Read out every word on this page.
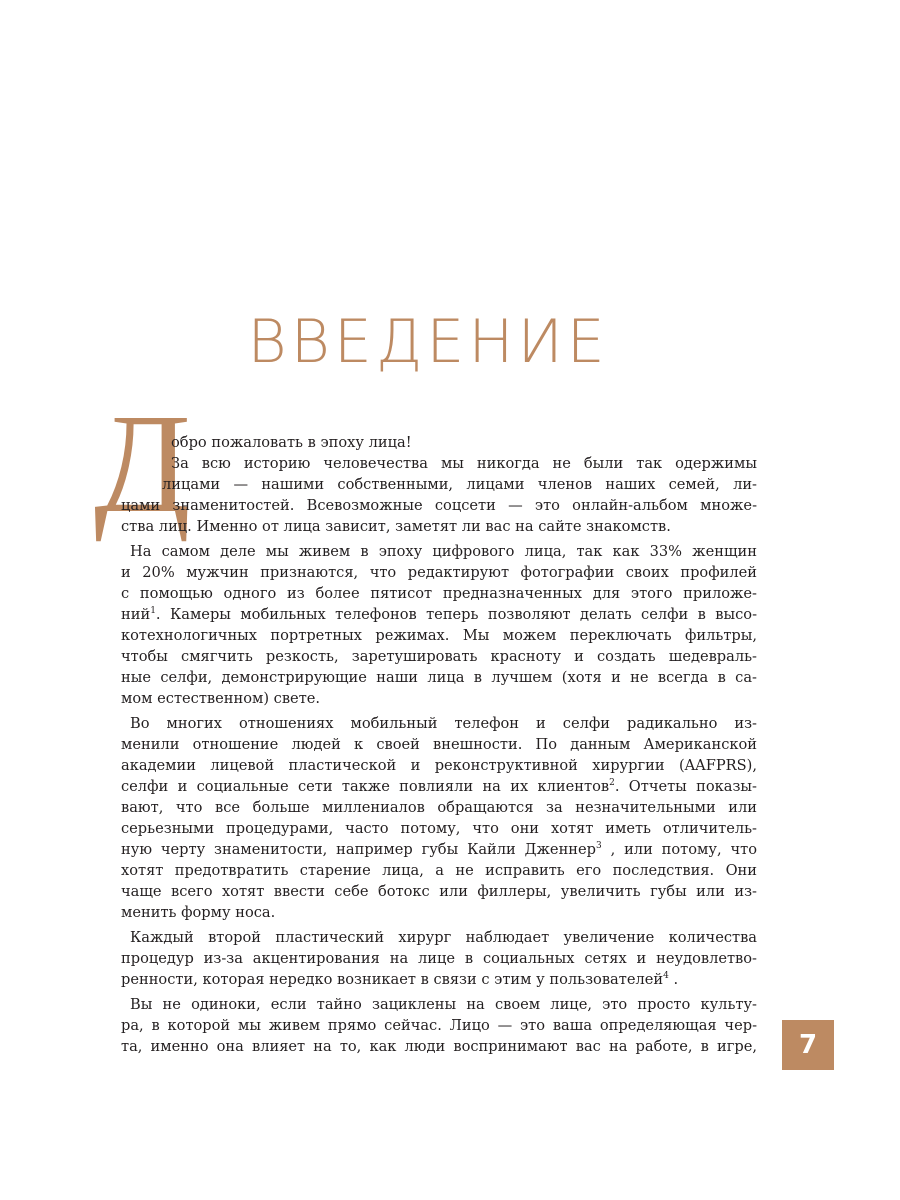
ВВЕДЕНИЕ
Д
обро пожаловать в эпоху лица!
За всю историю человечества мы никогда не были так одержимы
лицами — нашими собственными, лицами членов наших семей, ли-
цами знаменитостей. Всевозможные соцсети — это онлайн-альбом множе-
ства лиц. Именно от лица зависит, заметят ли вас на сайте знакомств.
На самом деле мы живем в эпоху цифрового лица, так как 33% женщин
и 20% мужчин признаются, что редактируют фотографии своих профилей
с помощью одного из более пятисот предназначенных для этого приложе-
ний$^1$. Камеры мобильных телефонов теперь позволяют делать селфи в высо-
котехнологичных портретных режимах. Мы можем переключать фильтры,
чтобы смягчить резкость, заретушировать красноту и создать шедевраль-
ные селфи, демонстрирующие наши лица в лучшем (хотя и не всегда в са-
мом естественном) свете.
Во многих отношениях мобильный телефон и селфи радикально из-
менили отношение людей к своей внешности. По данным Американской
академии лицевой пластической и реконструктивной хирургии (AAFPRS),
селфи и социальные сети также повлияли на их клиентов$^2$. Отчеты показы-
вают, что все больше миллениалов обращаются за незначительными или
серьезными процедурами, часто потому, что они хотят иметь отличитель-
ную черту знаменитости, например губы Кайли Дженнер$^3$ , или потому, что
хотят предотвратить старение лица, а не исправить его последствия. Они
чаще всего хотят ввести себе ботокс или филлеры, увеличить губы или из-
менить форму носа.
Каждый второй пластический хирург наблюдает увеличение количества
процедур из-за акцентирования на лице в социальных сетях и неудовлетво-
ренности, которая нередко возникает в связи с этим у пользователей$^4$ .
Вы не одиноки, если тайно зациклены на своем лице, это просто культу-
ра, в которой мы живем прямо сейчас. Лицо — это ваша определяющая чер-
та, именно она влияет на то, как люди воспринимают вас на работе, в игре,	7
